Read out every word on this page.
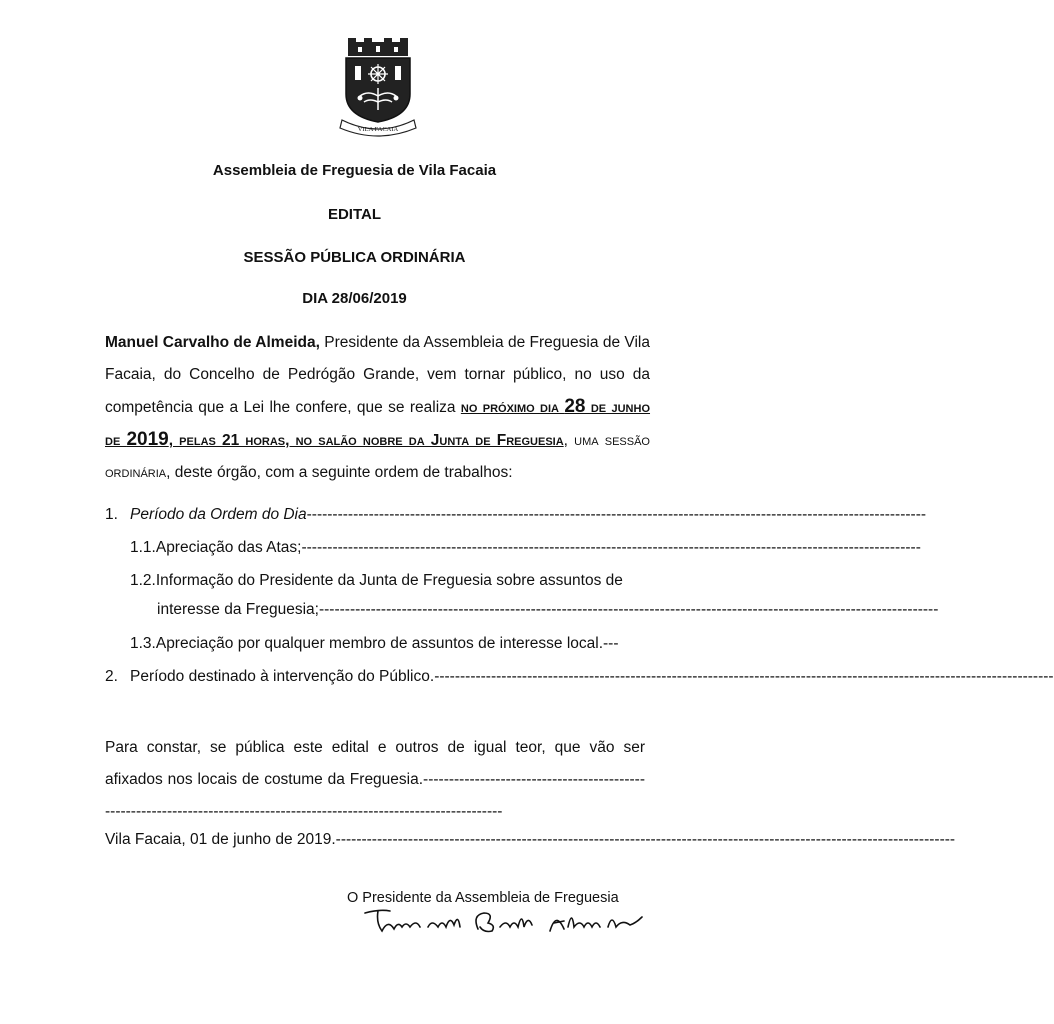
VILA FACAIA
Assembleia de Freguesia de Vila Facaia
EDITAL
SESSÃO PÚBLICA ORDINÁRIA
DIA 28/06/2019

Manuel Carvalho de Almeida, Presidente da Assembleia de Freguesia de Vila Facaia, do Concelho de Pedrógão Grande, vem tornar público, no uso da competência que a Lei lhe confere, que se realiza no próximo dia 28 de junho de 2019, pelas 21 horas, no salão nobre da Junta de Freguesia, uma sessão ordinária, deste órgão, com a seguinte ordem de trabalhos:

1. Período da Ordem do Dia------------------------------------------------------------------------------------------------------------------------
1.1.Apreciação das Atas;------------------------------------------------------------------------------------------------------------------------
1.2.Informação do Presidente da Junta de Freguesia sobre assuntos de
interesse da Freguesia;------------------------------------------------------------------------------------------------------------------------
1.3.Apreciação por qualquer membro de assuntos de interesse local.---
2. Período destinado à intervenção do Público.------------------------------------------------------------------------------------------------------------------------
Para constar, se pública este edital e outros de igual teor, que vão ser afixados nos locais de costume da Freguesia.------------------------------------------------------------------------------------------------------------------------
Vila Facaia, 01 de junho de 2019.------------------------------------------------------------------------------------------------------------------------
O Presidente da Assembleia de Freguesia
